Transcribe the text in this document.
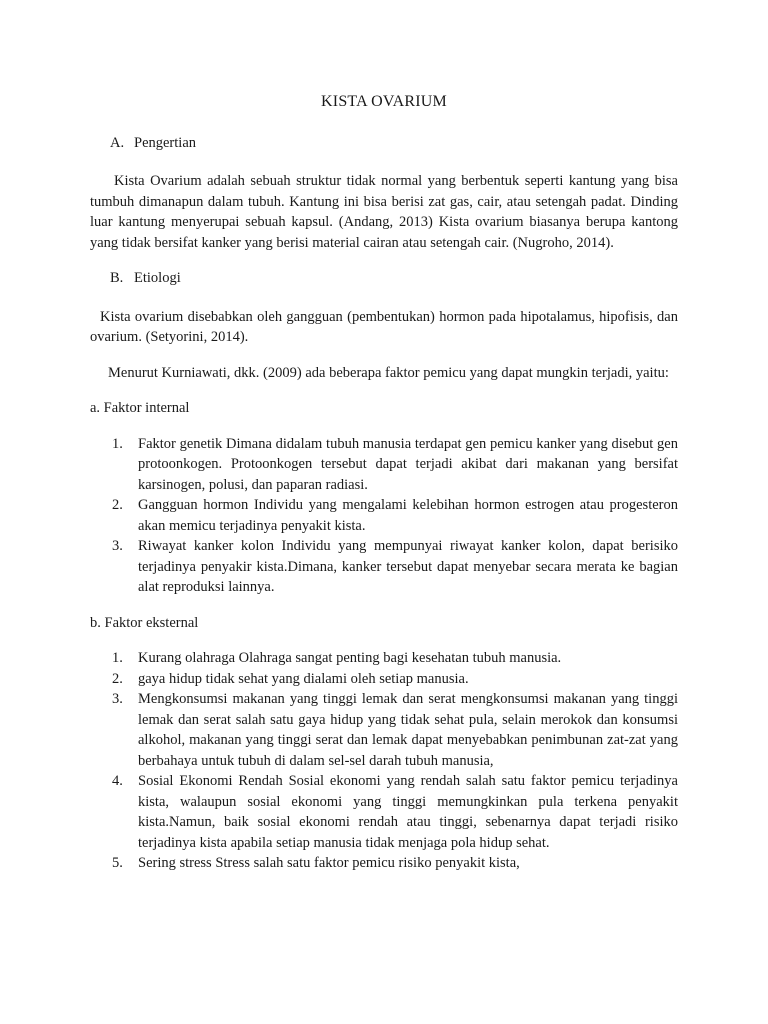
KISTA OVARIUM
A. Pengertian

Kista Ovarium adalah sebuah struktur tidak normal yang berbentuk seperti kantung yang bisa tumbuh dimanapun dalam tubuh. Kantung ini bisa berisi zat gas, cair, atau setengah padat. Dinding luar kantung menyerupai sebuah kapsul. (Andang, 2013) Kista ovarium biasanya berupa kantong yang tidak bersifat kanker yang berisi material cairan atau setengah cair. (Nugroho, 2014).

B. Etiologi

Kista ovarium disebabkan oleh gangguan (pembentukan) hormon pada hipotalamus, hipofisis, dan ovarium. (Setyorini, 2014).

Menurut Kurniawati, dkk. (2009) ada beberapa faktor pemicu yang dapat mungkin terjadi, yaitu:

a. Faktor internal
1.	Faktor genetik Dimana didalam tubuh manusia terdapat gen pemicu kanker yang disebut gen protoonkogen. Protoonkogen tersebut dapat terjadi akibat dari makanan yang bersifat karsinogen, polusi, dan paparan radiasi.
2.	Gangguan hormon Individu yang mengalami kelebihan hormon estrogen atau progesteron akan memicu terjadinya penyakit kista.
3.	Riwayat kanker kolon Individu yang mempunyai riwayat kanker kolon, dapat berisiko terjadinya penyakir kista.Dimana, kanker tersebut dapat menyebar secara merata ke bagian alat reproduksi lainnya.
b. Faktor eksternal
1.	Kurang olahraga Olahraga sangat penting bagi kesehatan tubuh manusia.
2.	gaya hidup tidak sehat yang dialami oleh setiap manusia.
3.	Mengkonsumsi makanan yang tinggi lemak dan serat mengkonsumsi makanan yang tinggi lemak dan serat salah satu gaya hidup yang tidak sehat pula, selain merokok dan konsumsi alkohol, makanan yang tinggi serat dan lemak dapat menyebabkan penimbunan zat-zat yang berbahaya untuk tubuh di dalam sel-sel darah tubuh manusia,
4.	Sosial Ekonomi Rendah Sosial ekonomi yang rendah salah satu faktor pemicu terjadinya kista, walaupun sosial ekonomi yang tinggi memungkinkan pula terkena penyakit kista.Namun, baik sosial ekonomi rendah atau tinggi, sebenarnya dapat terjadi risiko terjadinya kista apabila setiap manusia tidak menjaga pola hidup sehat.
5.	Sering stress Stress salah satu faktor pemicu risiko penyakit kista,
